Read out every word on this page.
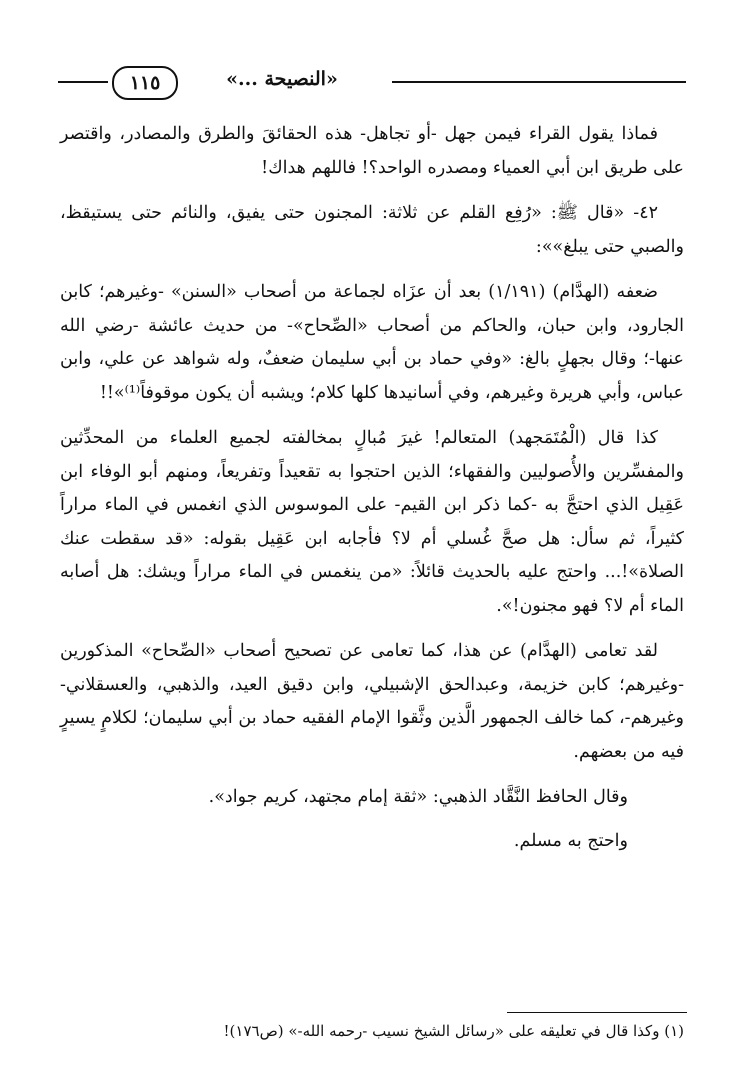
١١٥	«النصيحة ...»

فماذا يقول القراء فيمن جهل -أو تجاهل- هذه الحقائقَ والطرق والمصادر، واقتصر على طريق ابن أبي العمياء ومصدره الواحد؟! فاللهم هداك!

٤٢- «قال ﷺ: «رُفِع القلم عن ثلاثة: المجنون حتى يفيق، والنائم حتى يستيقظ، والصبي حتى يبلغ»»:

ضعفه (الهدَّام) (١/١٩١) بعد أن عزَاه لجماعة من أصحاب «السنن» -وغيرهم؛ كابن الجارود، وابن حبان، والحاكم من أصحاب «الصِّحاح»- من حديث عائشة -رضي الله عنها-؛ وقال بجهلٍ بالغ: «وفي حماد بن أبي سليمان ضعفٌ، وله شواهد عن علي، وابن عباس، وأبي هريرة وغيرهم، وفي أسانيدها كلها كلام؛ ويشبه أن يكون موقوفاً⁽¹⁾»!!

كذا قال (الْمُتَمَجهد) المتعالم! غيرَ مُبالٍ بمخالفته لجميع العلماء من المحدِّثين والمفسِّرين والأُصوليين والفقهاء؛ الذين احتجوا به تقعيداً وتفريعاً، ومنهم أبو الوفاء ابن عَقِيل الذي احتجَّ به -كما ذكر ابن القيم- على الموسوس الذي انغمس في الماء مراراً كثيراً، ثم سأل: هل صحَّ غُسلي أم لا؟ فأجابه ابن عَقِيل بقوله: «قد سقطت عنك الصلاة»!... واحتج عليه بالحديث قائلاً: «من ينغمس في الماء مراراً ويشك: هل أصابه الماء أم لا؟ فهو مجنون!».

لقد تعامى (الهدَّام) عن هذا، كما تعامى عن تصحيح أصحاب «الصِّحاح» المذكورين -وغيرهم؛ كابن خزيمة، وعبدالحق الإشبيلي، وابن دقيق العيد، والذهبي، والعسقلاني-وغيرهم-، كما خالف الجمهور الَّذين وثَّقوا الإمام الفقيه حماد بن أبي سليمان؛ لكلامٍ يسيرٍ فيه من بعضهم.

وقال الحافظ النَّقَّاد الذهبي: «ثقة إمام مجتهد، كريم جواد».

واحتج به مسلم.

(١) وكذا قال في تعليقه على «رسائل الشيخ نسيب -رحمه الله-» (ص١٧٦)!
